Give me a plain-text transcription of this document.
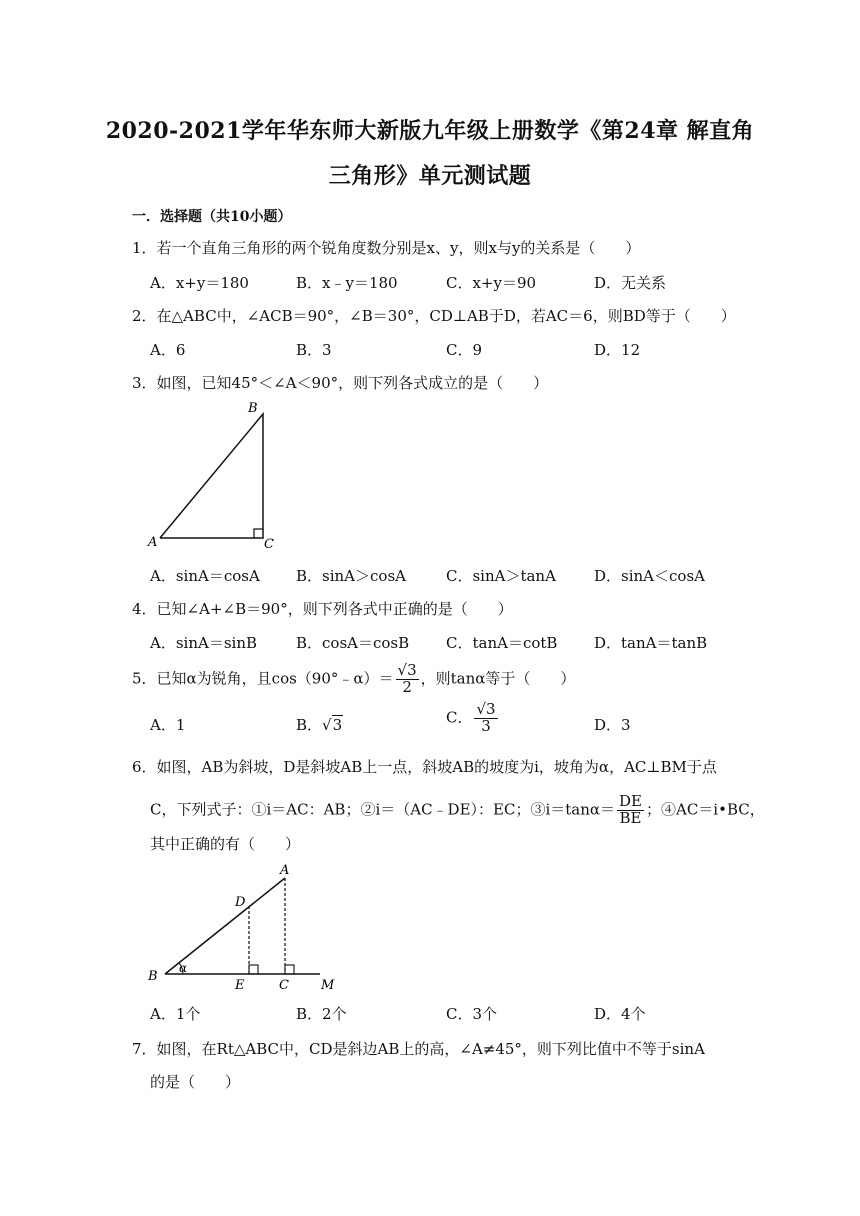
2020-2021学年华东师大新版九年级上册数学《第24章 解直角
三角形》单元测试题
一．选择题（共10小题）
1．若一个直角三角形的两个锐角度数分别是x、y，则x与y的关系是（　　）
A．x+y＝180	B．x﹣y＝180	C．x+y＝90	D．无关系
2．在△ABC中，∠ACB＝90°，∠B＝30°，CD⊥AB于D，若AC＝6，则BD等于（　　）
A．6	B．3	C．9	D．12
3．如图，已知45°＜∠A＜90°，则下列各式成立的是（　　）
B
A	C
A．sinA＝cosA B．sinA＞cosA	C．sinA＞tanA	D．sinA＜cosA
4．已知∠A+∠B＝90°，则下列各式中正确的是（　　）
A．sinA＝sinB	B．cosA＝cosB C．tanA＝cotB D．tanA＝tanB
5．已知α为锐角，且cos（90°﹣α）＝ $\frac{√3}{2}$ ，则tanα等于（　　）
A．1	B．√3	C． $\frac{√3}{3}$	D．3
6．如图，AB为斜坡，D是斜坡AB上一点，斜坡AB的坡度为i，坡角为α，AC⊥BM于点
C，下列式子：①i＝AC：AB；②i＝（AC﹣DE）：EC；③i＝tanα＝ $\frac{DE}{BE}$ ；④AC＝i•BC，
其中正确的有（　　）
α
A
D
B
E	C M
A．1个	B．2个	C．3个	D．4个
7．如图，在Rt△ABC中，CD是斜边AB上的高，∠A≠45°，则下列比值中不等于sinA
的是（　　）
